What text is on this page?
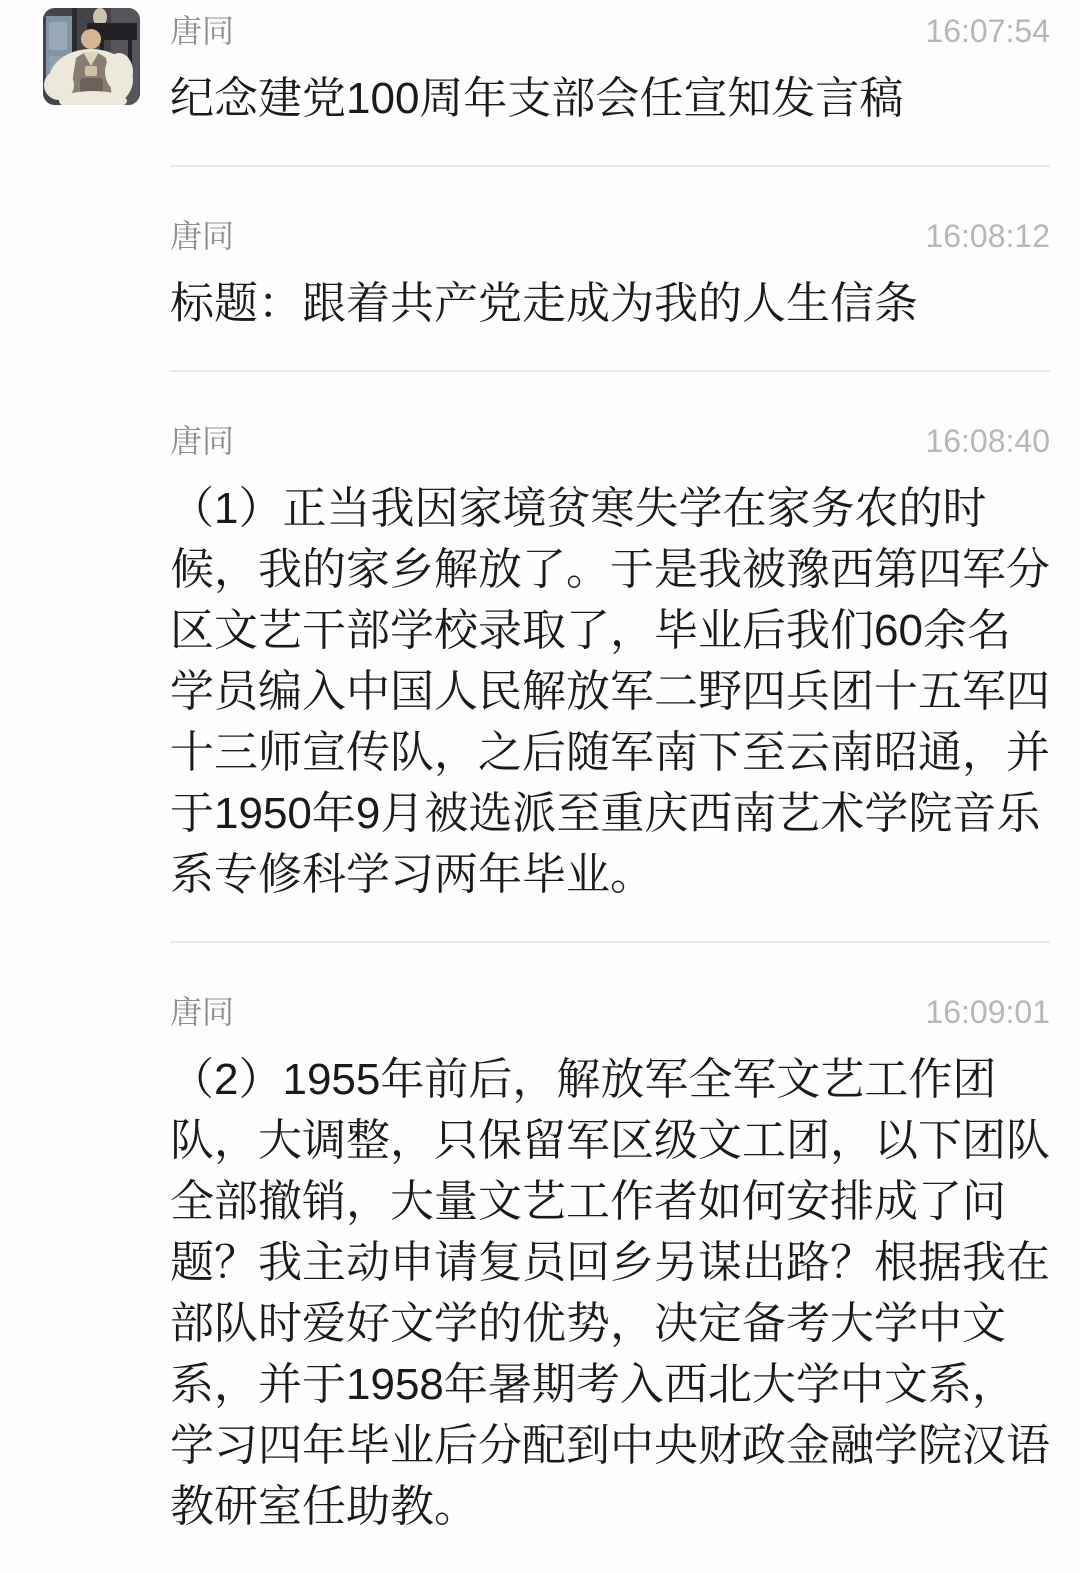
唐同	16:07:54

纪念建党100周年支部会任宣知发言稿

唐同	16:08:12

标题：跟着共产党走成为我的人生信条

唐同	16:08:40

（1）正当我因家境贫寒失学在家务农的时候，我的家乡解放了。于是我被豫西第四军分区文艺干部学校录取了，毕业后我们60余名学员编入中国人民解放军二野四兵团十五军四十三师宣传队，之后随军南下至云南昭通，并于1950年9月被选派至重庆西南艺术学院音乐系专修科学习两年毕业。

唐同	16:09:01

（2）1955年前后，解放军全军文艺工作团队，大调整，只保留军区级文工团，以下团队全部撤销，大量文艺工作者如何安排成了问题？我主动申请复员回乡另谋出路？根据我在部队时爱好文学的优势，决定备考大学中文系，并于1958年暑期考入西北大学中文系，学习四年毕业后分配到中央财政金融学院汉语教研室任助教。
